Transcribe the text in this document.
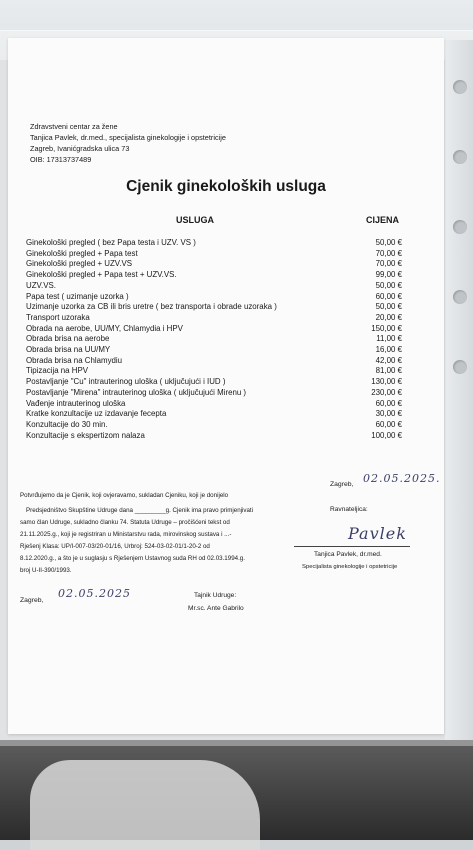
Zdravstveni centar za žene
Tanjica Pavlek, dr.med., specijalista ginekologije i opstetricije
Zagreb, Ivanićgradska ulica 73
OIB: 17313737489
Cjenik ginekoloških usluga
USLUGA	CIJENA
Ginekološki pregled ( bez Papa testa i UZV. VS )	50,00 €
Ginekološki pregled + Papa test	70,00 €
Ginekološki pregled + UZV.VS	70,00 €
Ginekološki pregled + Papa test + UZV.VS.	99,00 €
UZV.VS.	50,00 €
Papa test ( uzimanje uzorka )	60,00 €
Uzimanje uzorka za CB ili bris uretre ( bez transporta i obrade uzoraka )	50,00 €
Transport uzoraka	20,00 €
Obrada na aerobe, UU/MY, Chlamydia i HPV	150,00 €
Obrada brisa na aerobe	11,00 €
Obrada brisa na UU/MY	16,00 €
Obrada brisa na Chlamydiu	42,00 €
Tipizacija na HPV	81,00 €
Postavljanje "Cu" intrauterinog uloška ( uključujući i IUD )	130,00 €
Postavljanje "Mirena" intrauterinog uloška ( uključujući Mirenu )	230,00 €
Vađenje intrauterinog uloška	60,00 €
Kratke konzultacije uz izdavanje fecepta	30,00 €
Konzultacije do 30 min.	60,00 €
Konzultacije s ekspertizom nalaza	100,00 €
Zagreb, 02.05.2025.
Potvrđujemo da je Cjenik, koji ovjeravamo, sukladan Cjeniku, koji je donijelo
Predsjedništvo Skupštine Udruge dana _________g. Cjenik ima pravo primjenjivati
samo član Udruge, sukladno članku 74. Statuta Udruge – pročišćeni tekst od
21.11.2025.g., koji je registriran u Ministarstvu rada, mirovinskog sustava i ...-
Rješenj Klasa: UP/I-007-03/20-01/16, Urbroj: 524-03-02-01/1-20-2 od
8.12.2020.g., a što je u suglasju s Rješenjem Ustavnog suda RH od 02.03.1994.g.
broj U-II-390/1993.
Ravnateljica:
Pavlek
Tanjica Pavlek, dr.med.
Specijalista ginekologije i opstetricije
Zagreb,
02.05.2025	Tajnik Udruge:
Mr.sc. Ante Gabrilo
